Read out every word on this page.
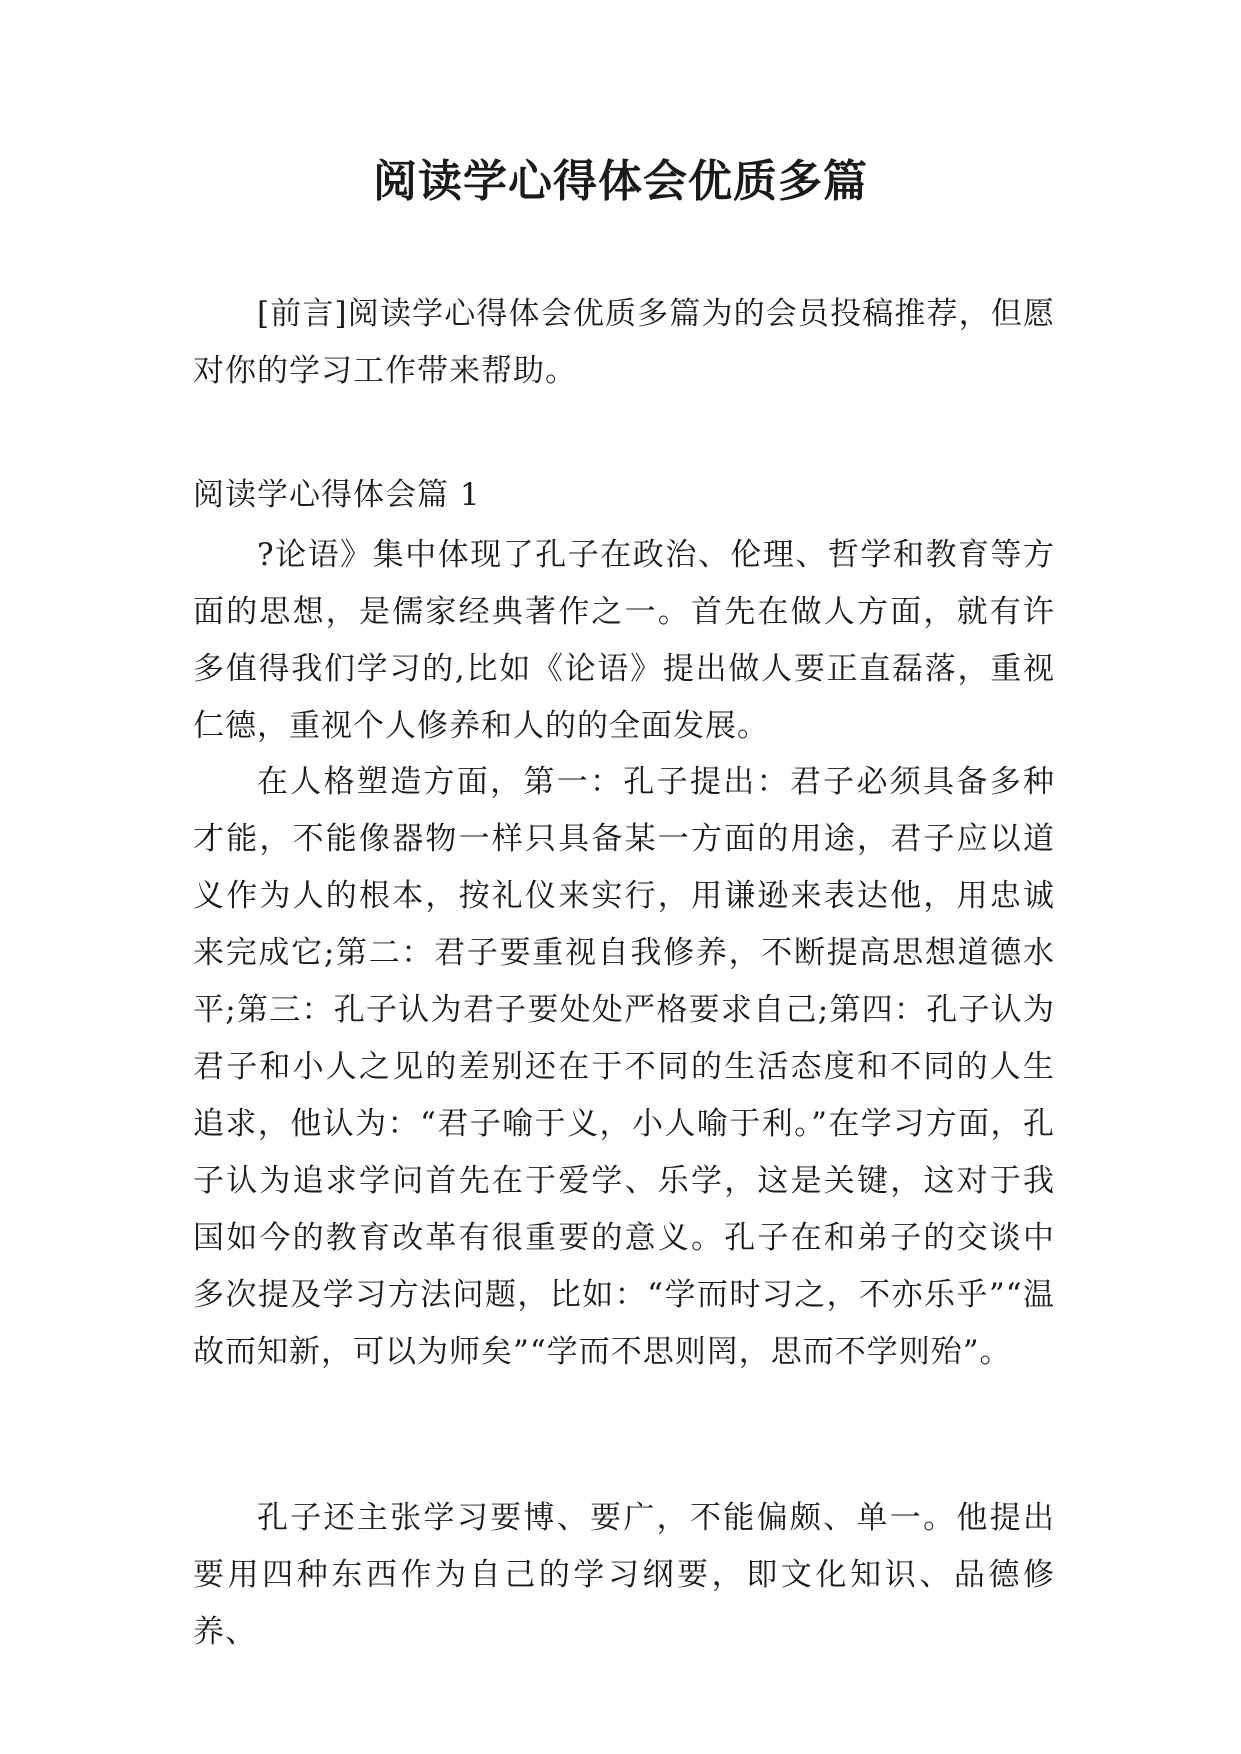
阅读学心得体会优质多篇

[前言]阅读学心得体会优质多篇为的会员投稿推荐，但愿对你的学习工作带来帮助。

阅读学心得体会篇 1

?论语》集中体现了孔子在政治、伦理、哲学和教育等方面的思想，是儒家经典著作之一。首先在做人方面，就有许多值得我们学习的,比如《论语》提出做人要正直磊落，重视仁德，重视个人修养和人的的全面发展。

在人格塑造方面，第一：孔子提出：君子必须具备多种才能，不能像器物一样只具备某一方面的用途，君子应以道义作为人的根本，按礼仪来实行，用谦逊来表达他，用忠诚来完成它;第二：君子要重视自我修养，不断提高思想道德水平;第三：孔子认为君子要处处严格要求自己;第四：孔子认为君子和小人之见的差别还在于不同的生活态度和不同的人生追求，他认为：“君子喻于义，小人喻于利。”在学习方面，孔子认为追求学问首先在于爱学、乐学，这是关键，这对于我国如今的教育改革有很重要的意义。孔子在和弟子的交谈中多次提及学习方法问题，比如：“学而时习之，不亦乐乎”“温故而知新，可以为师矣”“学而不思则罔，思而不学则殆”。

孔子还主张学习要博、要广，不能偏颇、单一。他提出要用四种东西作为自己的学习纲要，即文化知识、品德修养、
